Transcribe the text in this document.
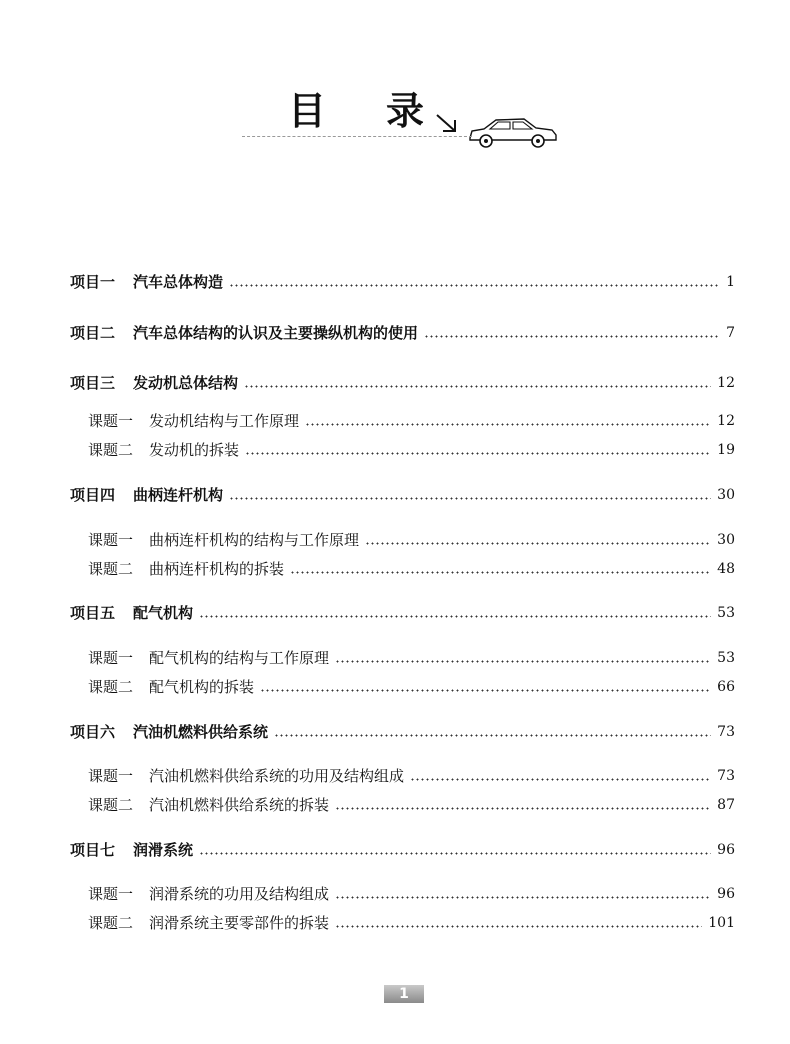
目 录
项目一 汽车总体构造	1
项目二 汽车总体结构的认识及主要操纵机构的使用	7
项目三 发动机总体结构	12
课题一 发动机结构与工作原理	12
课题二 发动机的拆装	19
项目四 曲柄连杆机构	30
课题一 曲柄连杆机构的结构与工作原理	30
课题二 曲柄连杆机构的拆装	48
项目五 配气机构	53
课题一 配气机构的结构与工作原理	53
课题二 配气机构的拆装	66
项目六 汽油机燃料供给系统	73
课题一 汽油机燃料供给系统的功用及结构组成	73
课题二 汽油机燃料供给系统的拆装	87
项目七 润滑系统	96
课题一 润滑系统的功用及结构组成	96
课题二 润滑系统主要零部件的拆装	101
1
